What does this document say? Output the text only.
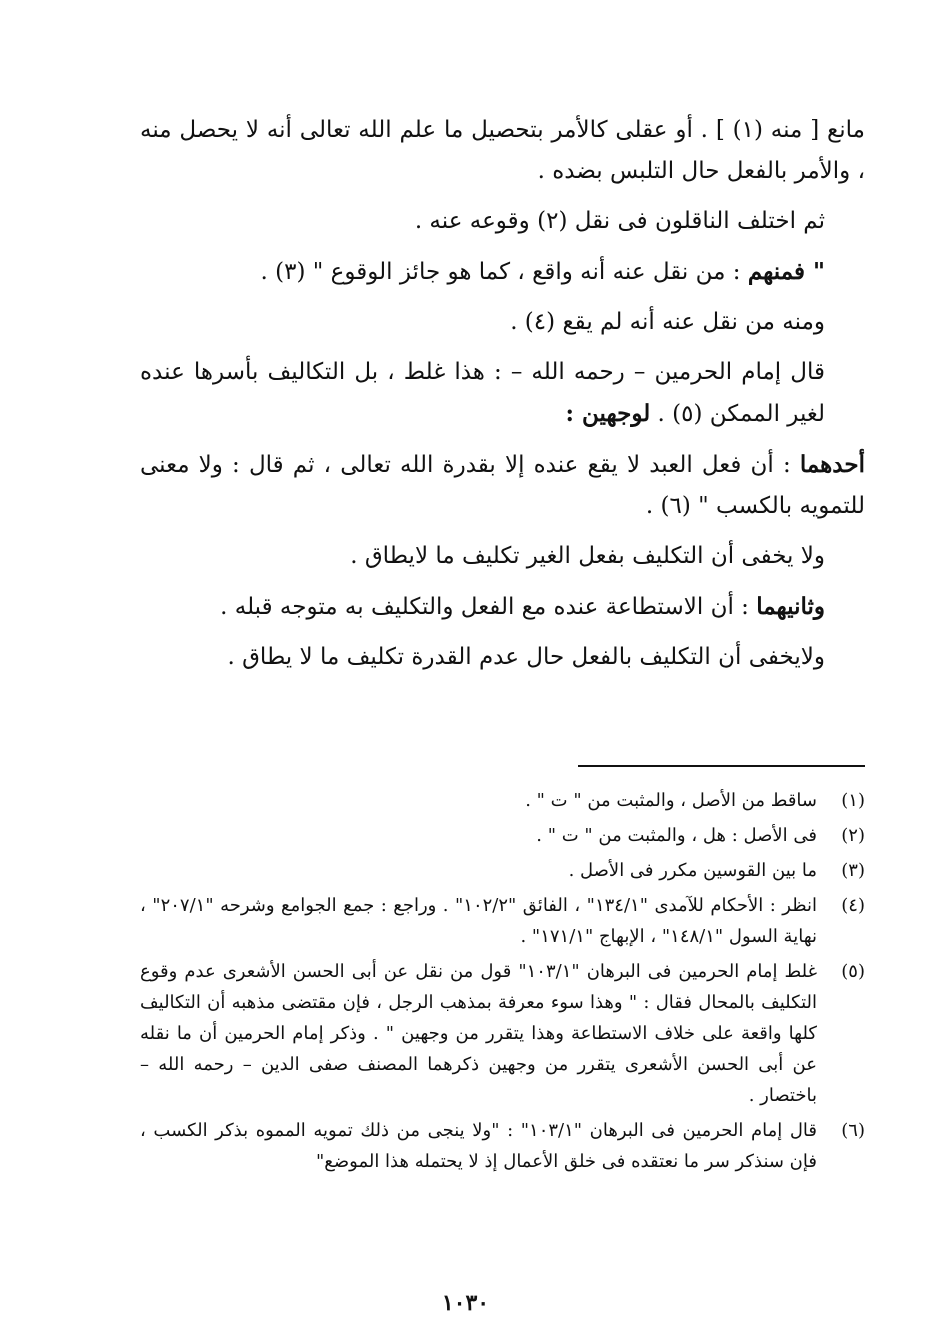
مانع [ منه (١) ] . أو عقلى كالأمر بتحصيل ما علم الله تعالى أنه لا يحصل منه ، والأمر بالفعل حال التلبس بضده .

ثم اختلف الناقلون فى نقل (٢) وقوعه عنه .

" فمنهم : من نقل عنه أنه واقع ، كما هو جائز الوقوع " (٣) .

ومنه من نقل عنه أنه لم يقع (٤) .

قال إمام الحرمين – رحمه الله – : هذا غلط ، بل التكاليف بأسرها عنده لغير الممكن (٥) . لوجهين :

أحدهما : أن فعل العبد لا يقع عنده إلا بقدرة الله تعالى ، ثم قال : ولا معنى للتمويه بالكسب " (٦) .

ولا يخفى أن التكليف بفعل الغير تكليف ما لايطاق .

وثانيهما : أن الاستطاعة عنده مع الفعل والتكليف به متوجه قبله .

ولايخفى أن التكليف بالفعل حال عدم القدرة تكليف ما لا يطاق .

(١)
ساقط من الأصل ، والمثبت من " ت " .
(٢)
فى الأصل : هل ، والمثبت من " ت " .
(٣)
ما بين القوسين مكرر فى الأصل .
(٤)
انظر : الأحكام للآمدى "١٣٤/١" ، الفائق "١٠٢/٢" . وراجع : جمع الجوامع وشرحه "٢٠٧/١" ، نهاية السول "١٤٨/١" ، الإبهاج "١٧١/١" .
(٥)
غلط إمام الحرمين فى البرهان "١٠٣/١" قول من نقل عن أبى الحسن الأشعرى عدم وقوع التكليف بالمحال فقال : " وهذا سوء معرفة بمذهب الرجل ، فإن مقتضى مذهبه أن التكاليف كلها واقعة على خلاف الاستطاعة وهذا يتقرر من وجهين " . وذكر إمام الحرمين أن ما نقله عن أبى الحسن الأشعرى يتقرر من وجهين ذكرهما المصنف صفى الدين – رحمه الله – باختصار .
(٦)
قال إمام الحرمين فى البرهان "١٠٣/١" : "ولا ينجى من ذلك تمويه المموه بذكر الكسب ، فإن سنذكر سر ما نعتقده فى خلق الأعمال إذ لا يحتمله هذا الموضع"
١٠٣٠
